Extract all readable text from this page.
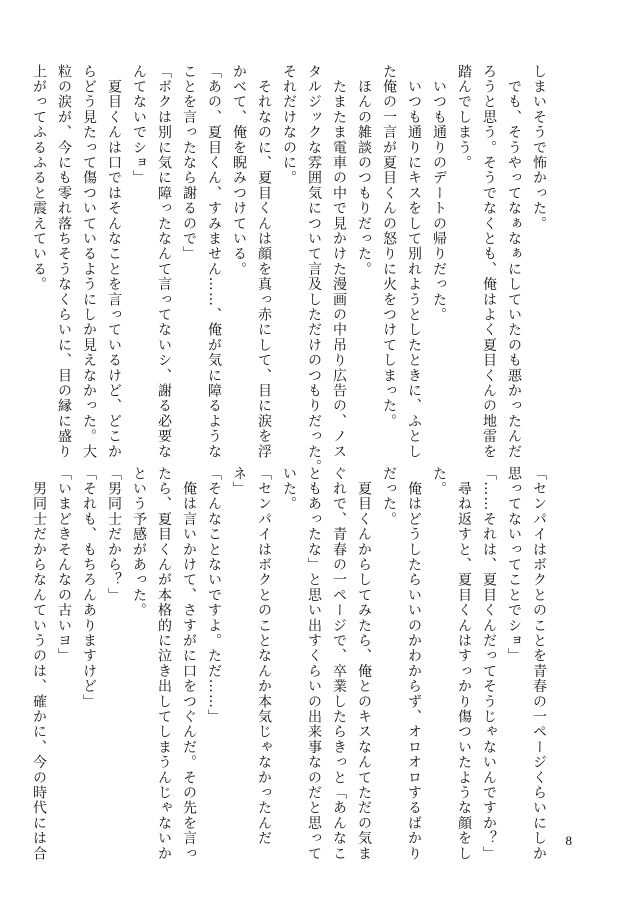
しまいそうで怖かった。
　でも、そうやってなぁなぁにしていたのも悪かったんだ
ろうと思う。そうでなくとも、俺はよく夏目くんの地雷を
踏んでしまう。
　いつも通りのデートの帰りだった。
　いつも通りにキスをして別れようとしたときに、ふとし
た俺の一言が夏目くんの怒りに火をつけてしまった。
　ほんの雑談のつもりだった。
　たまたま電車の中で見かけた漫画の中吊り広告の、ノス
タルジックな雰囲気について言及しただけのつもりだった。
それだけなのに。
　それなのに、夏目くんは顔を真っ赤にして、目に涙を浮
かべて、俺を睨みつけている。
「あの、夏目くん、すみません……、俺が気に障るような
ことを言ったなら謝るので」
「ボクは別に気に障ったなんて言ってないシ、謝る必要な
んてないでショ」
　夏目くんは口ではそんなことを言っているけど、どこか
らどう見たって傷ついているようにしか見えなかった。大
粒の涙が、今にも零れ落ちそうなくらいに、目の縁に盛り
上がってふるふると震えている。
「センパイはボクとのことを青春の一ページくらいにしか
思ってないってことでショ」
「……それは、夏目くんだってそうじゃないんですか？」
　尋ね返すと、夏目くんはすっかり傷ついたような顔をし
た。
　俺はどうしたらいいのかわからず、オロオロするばかり
だった。
　夏目くんからしてみたら、俺とのキスなんてただの気ま
ぐれで、青春の一ページで、卒業したらきっと「あんなこ
ともあったな」と思い出すくらいの出来事なのだと思って
いた。
「センパイはボクとのことなんか本気じゃなかったんだ
ネ」
「そんなことないですよ。ただ……」
　俺は言いかけて、さすがに口をつぐんだ。その先を言っ
たら、夏目くんが本格的に泣き出してしまうんじゃないか
という予感があった。
「男同士だから？」
「それも、もちろんありますけど」
「いまどきそんなの古いヨ」
　男同士だからなんていうのは、確かに、今の時代には合	8
